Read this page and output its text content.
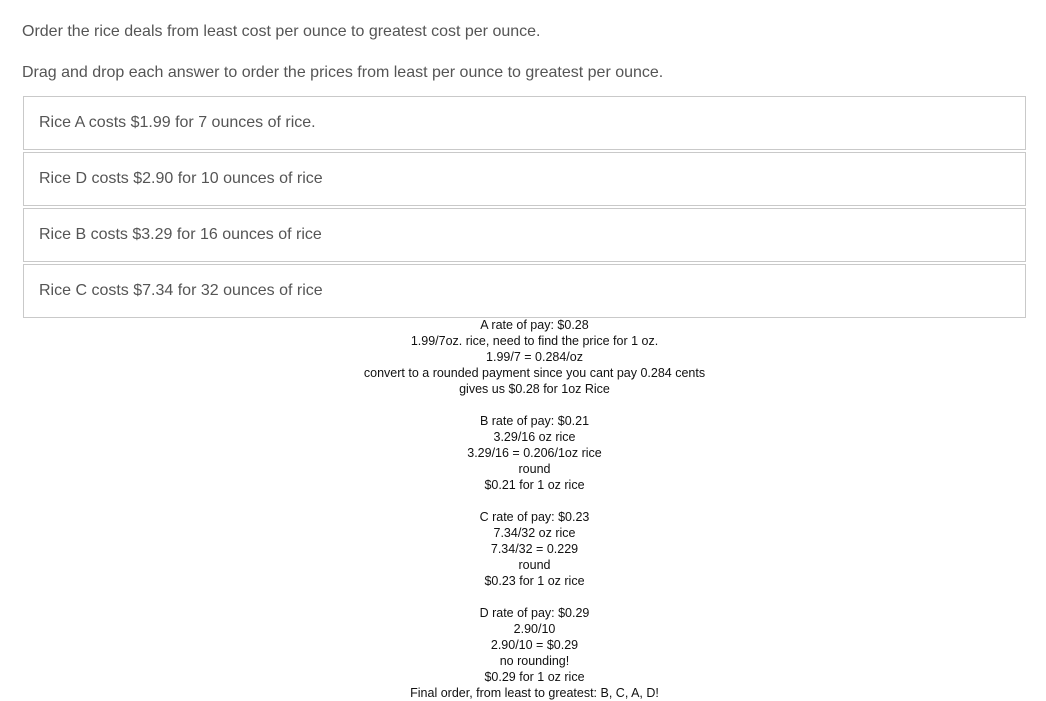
Order the rice deals from least cost per ounce to greatest cost per ounce.

Drag and drop each answer to order the prices from least per ounce to greatest per ounce.

Rice A costs $1.99 for 7 ounces of rice.
Rice D costs $2.90 for 10 ounces of rice
Rice B costs $3.29 for 16 ounces of rice
Rice C costs $7.34 for 32 ounces of rice
A rate of pay: $0.28
1.99/7oz. rice, need to find the price for 1 oz.
1.99/7 = 0.284/oz
convert to a rounded payment since you cant pay 0.284 cents
gives us $0.28 for 1oz Rice
B rate of pay: $0.21
3.29/16 oz rice
3.29/16 = 0.206/1oz rice
round
$0.21 for 1 oz rice
C rate of pay: $0.23
7.34/32 oz rice
7.34/32 = 0.229
round
$0.23 for 1 oz rice
D rate of pay: $0.29
2.90/10
2.90/10 = $0.29
no rounding!
$0.29 for 1 oz rice
Final order, from least to greatest: B, C, A, D!
